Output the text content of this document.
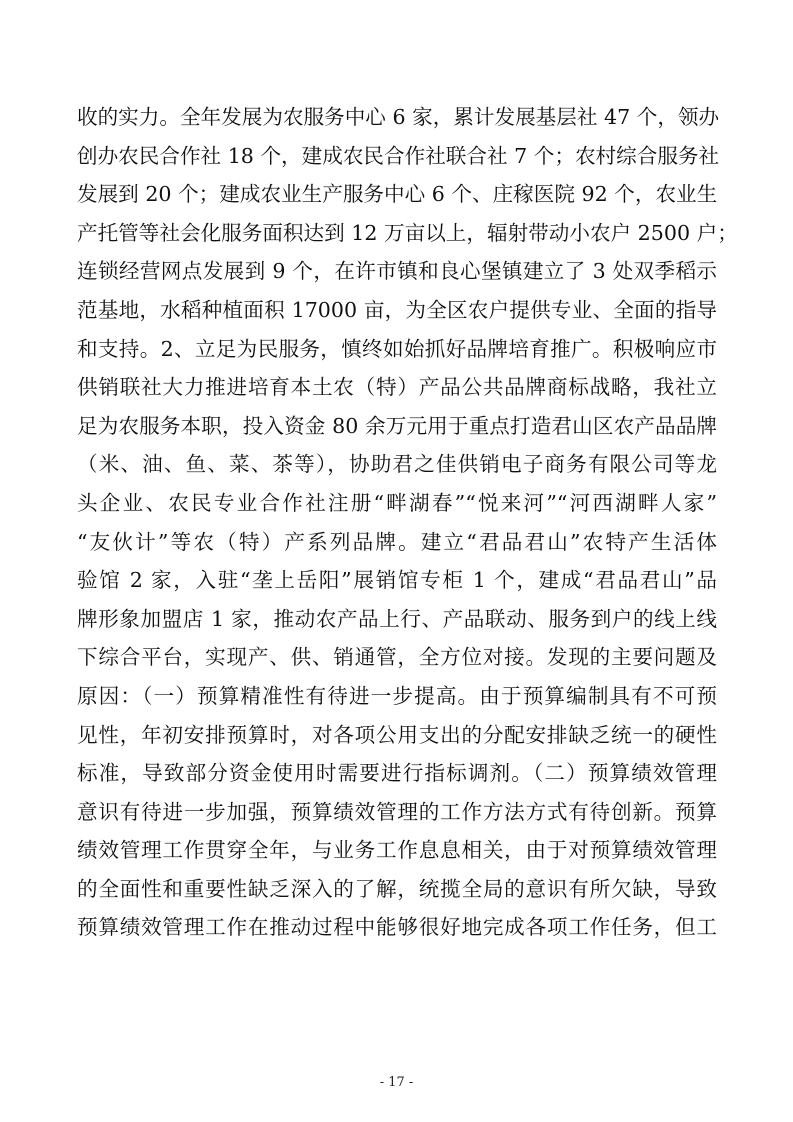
收的实力。全年发展为农服务中心 6 家，累计发展基层社 47 个，领办
创办农民合作社 18 个，建成农民合作社联合社 7 个；农村综合服务社
发展到 20 个；建成农业生产服务中心 6 个、庄稼医院 92 个，农业生
产托管等社会化服务面积达到 12 万亩以上，辐射带动小农户 2500 户；
连锁经营网点发展到 9 个，在许市镇和良心堡镇建立了 3 处双季稻示
范基地，水稻种植面积 17000 亩，为全区农户提供专业、全面的指导
和支持。2、立足为民服务，慎终如始抓好品牌培育推广。积极响应市
供销联社大力推进培育本土农（特）产品公共品牌商标战略，我社立
足为农服务本职，投入资金 80 余万元用于重点打造君山区农产品品牌
（米、油、鱼、菜、茶等），协助君之佳供销电子商务有限公司等龙
头企业、农民专业合作社注册“畔湖春”“悦来河”“河西湖畔人家”
“友伙计”等农（特）产系列品牌。建立“君品君山”农特产生活体
验馆 2 家，入驻“垄上岳阳”展销馆专柜 1 个，建成“君品君山”品
牌形象加盟店 1 家，推动农产品上行、产品联动、服务到户的线上线
下综合平台，实现产、供、销通管，全方位对接。发现的主要问题及
原因：（一）预算精准性有待进一步提高。由于预算编制具有不可预
见性，年初安排预算时，对各项公用支出的分配安排缺乏统一的硬性
标准，导致部分资金使用时需要进行指标调剂。（二）预算绩效管理
意识有待进一步加强，预算绩效管理的工作方法方式有待创新。预算
绩效管理工作贯穿全年，与业务工作息息相关，由于对预算绩效管理
的全面性和重要性缺乏深入的了解，统揽全局的意识有所欠缺，导致
预算绩效管理工作在推动过程中能够很好地完成各项工作任务，但工
- 17 -
